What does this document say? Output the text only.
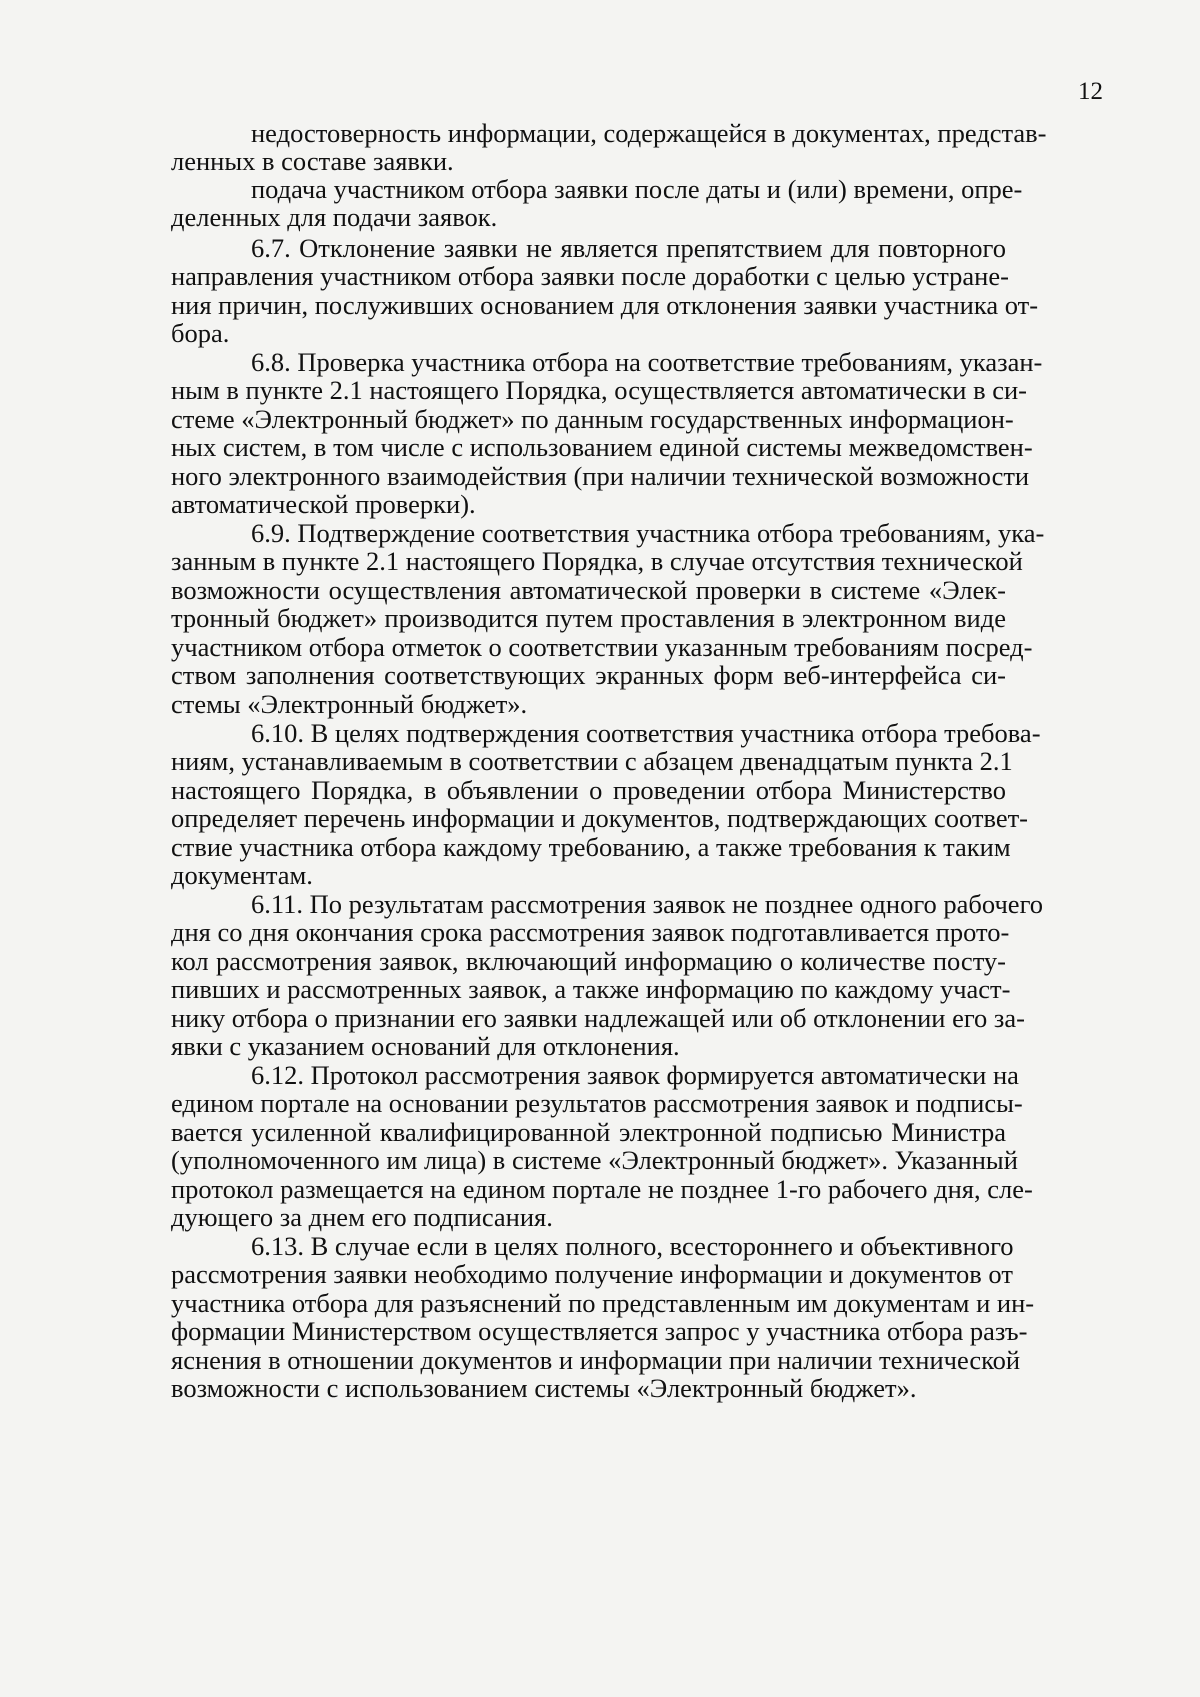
12
недостоверность информации, содержащейся в документах, представ-
ленных в составе заявки.
подача участником отбора заявки после даты и (или) времени, опре-
деленных для подачи заявок.
6.7. Отклонение заявки не является препятствием для повторного
направления участником отбора заявки после доработки с целью устране-
ния причин, послуживших основанием для отклонения заявки участника от-
бора.
6.8. Проверка участника отбора на соответствие требованиям, указан-
ным в пункте 2.1 настоящего Порядка, осуществляется автоматически в си-
стеме «Электронный бюджет» по данным государственных информацион-
ных систем, в том числе с использованием единой системы межведомствен-
ного электронного взаимодействия (при наличии технической возможности
автоматической проверки).
6.9. Подтверждение соответствия участника отбора требованиям, ука-
занным в пункте 2.1 настоящего Порядка, в случае отсутствия технической
возможности осуществления автоматической проверки в системе «Элек-
тронный бюджет» производится путем проставления в электронном виде
участником отбора отметок о соответствии указанным требованиям посред-
ством заполнения соответствующих экранных форм веб-интерфейса си-
стемы «Электронный бюджет».
6.10. В целях подтверждения соответствия участника отбора требова-
ниям, устанавливаемым в соответствии с абзацем двенадцатым пункта 2.1
настоящего Порядка, в объявлении о проведении отбора Министерство
определяет перечень информации и документов, подтверждающих соответ-
ствие участника отбора каждому требованию, а также требования к таким
документам.
6.11. По результатам рассмотрения заявок не позднее одного рабочего
дня со дня окончания срока рассмотрения заявок подготавливается прото-
кол рассмотрения заявок, включающий информацию о количестве посту-
пивших и рассмотренных заявок, а также информацию по каждому участ-
нику отбора о признании его заявки надлежащей или об отклонении его за-
явки с указанием оснований для отклонения.
6.12. Протокол рассмотрения заявок формируется автоматически на
едином портале на основании результатов рассмотрения заявок и подписы-
вается усиленной квалифицированной электронной подписью Министра
(уполномоченного им лица) в системе «Электронный бюджет». Указанный
протокол размещается на едином портале не позднее 1-го рабочего дня, сле-
дующего за днем его подписания.
6.13. В случае если в целях полного, всестороннего и объективного
рассмотрения заявки необходимо получение информации и документов от
участника отбора для разъяснений по представленным им документам и ин-
формации Министерством осуществляется запрос у участника отбора разъ-
яснения в отношении документов и информации при наличии технической
возможности с использованием системы «Электронный бюджет».
